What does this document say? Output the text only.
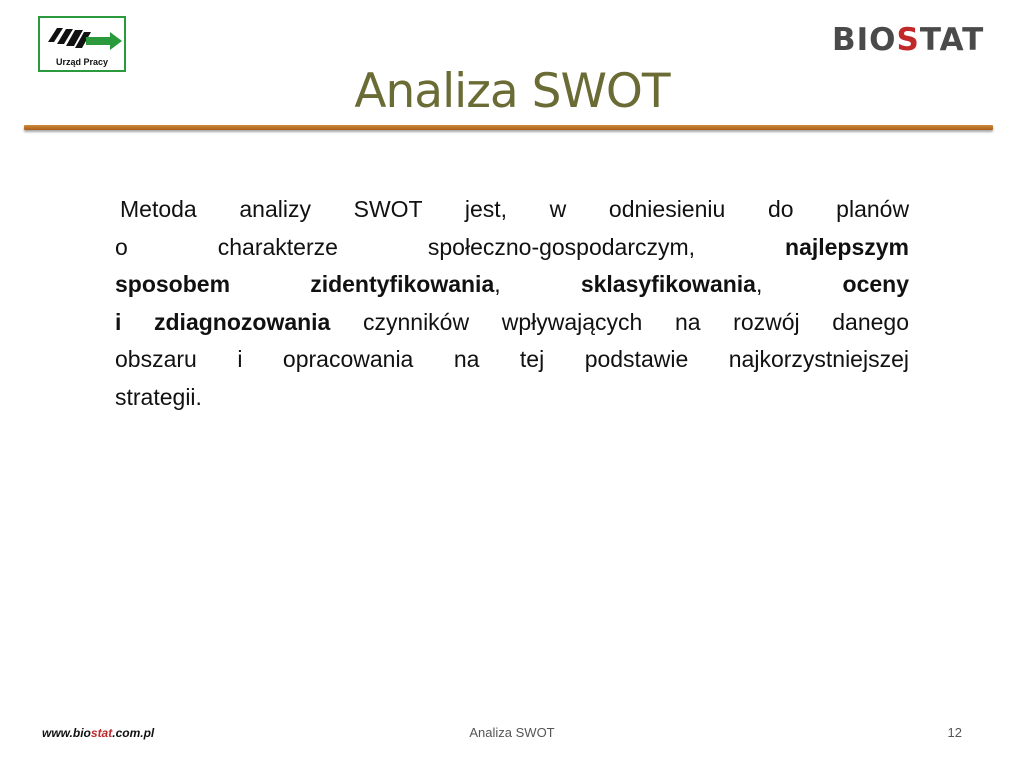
Urząd Pracy
BIOSTAT
Analiza SWOT
Metoda analizy SWOT jest, w odniesieniu do planów
o	charakterze	społeczno-gospodarczym,	najlepszym
sposobem	zidentyfikowania,	sklasyfikowania,	oceny
i zdiagnozowania czynników wpływających na rozwój danego
obszaru i opracowania na tej podstawie najkorzystniejszej
strategii.
www.biostat.com.pl	Analiza SWOT	12
